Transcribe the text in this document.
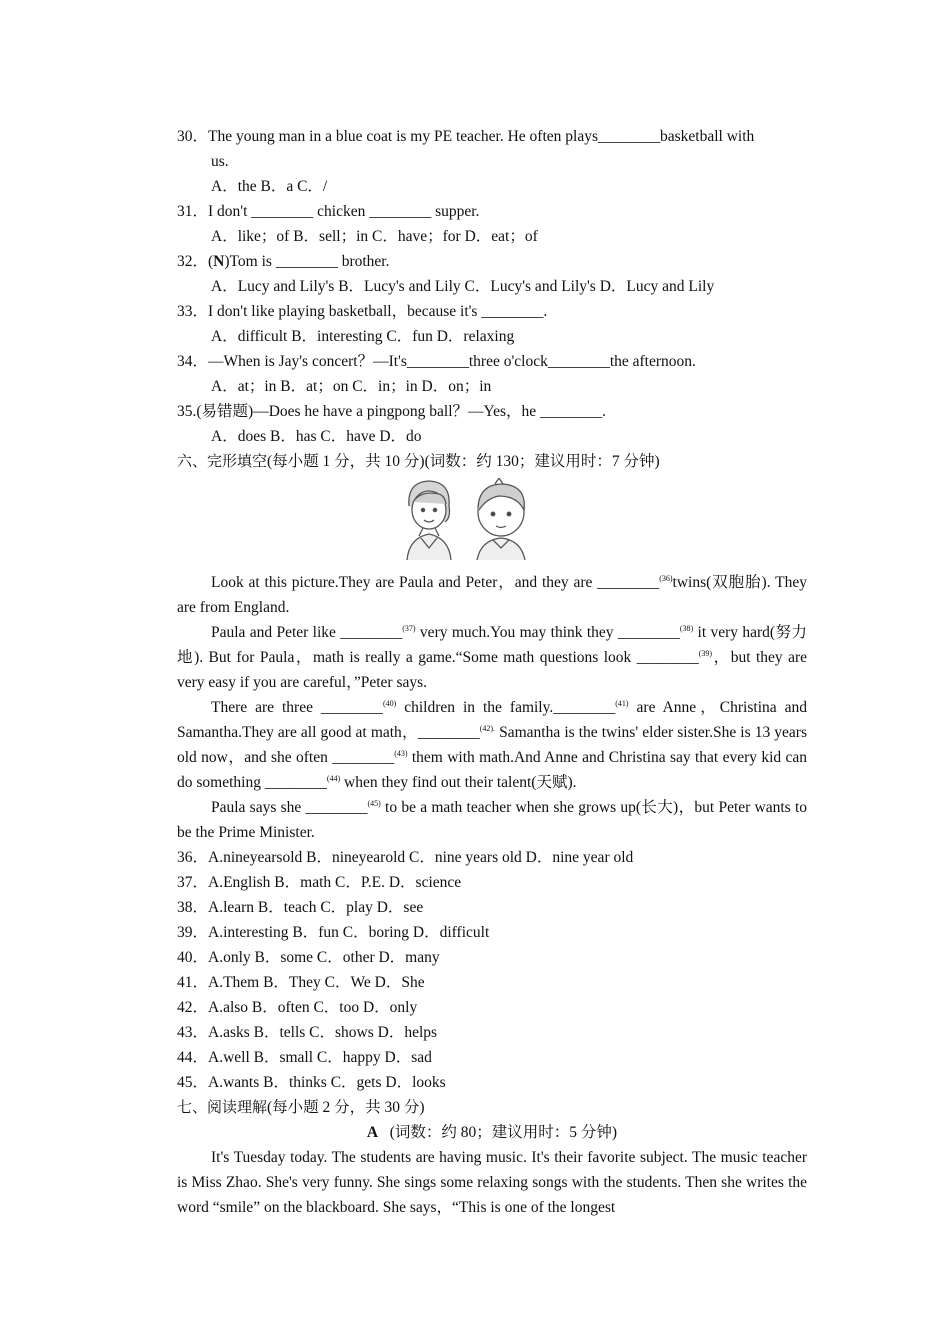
30．The young man in a blue coat is my PE teacher. He often plays________basketball with
us.
A．the B．a C．/
31．I don't ________ chicken ________ supper.
A．like；of B．sell；in C．have；for D．eat；of
32．(N)Tom is ________ brother.
A．Lucy and Lily's B．Lucy's and Lily C．Lucy's and Lily's D．Lucy and Lily
33．I don't like playing basketball，because it's ________.
A．difficult B．interesting C．fun D．relaxing
34．—When is Jay's concert？—It's________three o'clock________the afternoon.
A．at；in B．at；on C．in；in D．on；in
35.(易错题)—Does he have a pingpong ball？—Yes，he ________.
A．does B．has C．have D．do
六、完形填空(每小题 1 分，共 10 分)(词数：约 130；建议用时：7 分钟)
Look at this picture.They are Paula and Peter，and they are ________$^{(36)}$twins(双胞胎). They are from England.
Paula and Peter like ________$^{(37)}$ very much.You may think they ________$^{(38)}$ it very hard(努力地). But for Paula，math is really a game.“Some math questions look ________$^{(39)}$，but they are very easy if you are careful，”Peter says.
There are three ________$^{(40)}$ children in the family.________$^{(41)}$ are Anne，Christina and Samantha.They are all good at math，________$^{(42).}$ Samantha is the twins' elder sister.She is 13 years old now，and she often ________$^{(43)}$ them with math.And Anne and Christina say that every kid can do something ________$^{(44)}$ when they find out their talent(天赋).
Paula says she ________$^{(45)}$ to be a math teacher when she grows up(长大)，but Peter wants to be the Prime Minister.
36．A.nineyearsold B．nineyearold C．nine years old D．nine year old
37．A.English B．math C．P.E. D．science
38．A.learn B．teach C．play D．see
39．A.interesting B．fun C．boring D．difficult
40．A.only B．some C．other D．many
41．A.Them B．They C．We D．She
42．A.also B．often C．too D．only
43．A.asks B．tells C．shows D．helps
44．A.well B．small C．happy D．sad
45．A.wants B．thinks C．gets D．looks
七、阅读理解(每小题 2 分，共 30 分)
A (词数：约 80；建议用时：5 分钟)
It's Tuesday today. The students are having music. It's their favorite subject. The music teacher is Miss Zhao. She's very funny. She sings some relaxing songs with the students. Then she writes the word “smile” on the blackboard. She says，“This is one of the longest
